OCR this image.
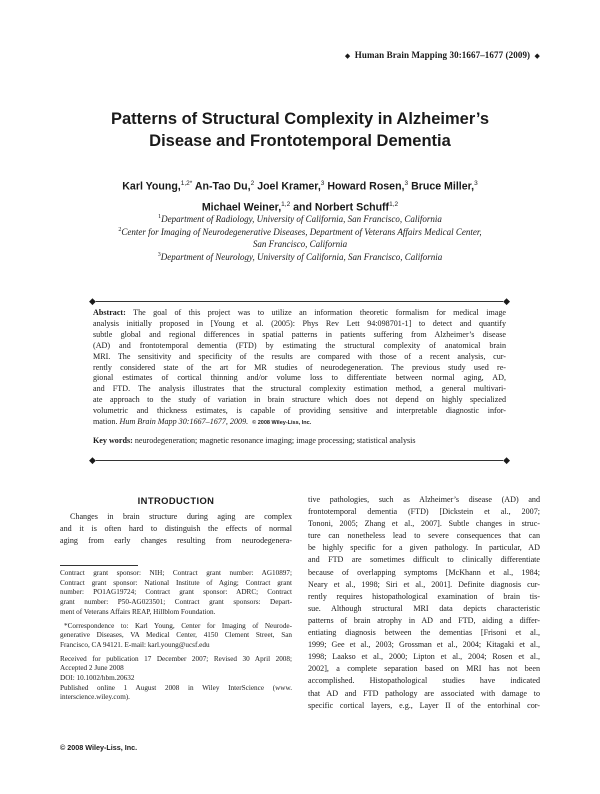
◆ Human Brain Mapping 30:1667–1677 (2009) ◆
Patterns of Structural Complexity in Alzheimer’s
Disease and Frontotemporal Dementia
Karl Young,$^{1,2*}$ An-Tao Du,$^2$ Joel Kramer,$^3$ Howard Rosen,$^3$ Bruce Miller,$^3$
Michael Weiner,$^{1,2}$ and Norbert Schuff$^{1,2}$
$^1$Department of Radiology, University of California, San Francisco, California
$^2$Center for Imaging of Neurodegenerative Diseases, Department of Veterans Affairs Medical Center,
San Francisco, California
$^3$Department of Neurology, University of California, San Francisco, California
◆	◆
Abstract: The goal of this project was to utilize an information theoretic formalism for medical image
analysis initially proposed in [Young et al. (2005): Phys Rev Lett 94:098701-1] to detect and quantify
subtle global and regional differences in spatial patterns in patients suffering from Alzheimer’s disease
(AD) and frontotemporal dementia (FTD) by estimating the structural complexity of anatomical brain
MRI. The sensitivity and specificity of the results are compared with those of a recent analysis, cur-
rently considered state of the art for MR studies of neurodegeneration. The previous study used re-
gional estimates of cortical thinning and/or volume loss to differentiate between normal aging, AD,
and FTD. The analysis illustrates that the structural complexity estimation method, a general multivari-
ate approach to the study of variation in brain structure which does not depend on highly specialized
volumetric and thickness estimates, is capable of providing sensitive and interpretable diagnostic infor-
mation. Hum Brain Mapp 30:1667–1677, 2009. © 2008 Wiley-Liss, Inc.
Key words: neurodegeneration; magnetic resonance imaging; image processing; statistical analysis
◆	◆
INTRODUCTION
Changes in brain structure during aging are complex
and it is often hard to distinguish the effects of normal
aging from early changes resulting from neurodegenera-
tive pathologies, such as Alzheimer’s disease (AD) and
frontotemporal dementia (FTD) [Dickstein et al., 2007;
Tononi, 2005; Zhang et al., 2007]. Subtle changes in struc-
ture can nonetheless lead to severe consequences that can
be highly specific for a given pathology. In particular, AD
and FTD are sometimes difficult to clinically differentiate
because of overlapping symptoms [McKhann et al., 1984;
Neary et al., 1998; Siri et al., 2001]. Definite diagnosis cur-
rently requires histopathological examination of brain tis-
sue. Although structural MRI data depicts characteristic
patterns of brain atrophy in AD and FTD, aiding a differ-
entiating diagnosis between the dementias [Frisoni et al.,
1999; Gee et al., 2003; Grossman et al., 2004; Kitagaki et al.,
1998; Laakso et al., 2000; Lipton et al., 2004; Rosen et al.,
2002], a complete separation based on MRI has not been
accomplished. Histopathological studies have indicated
that AD and FTD pathology are associated with damage to
specific cortical layers, e.g., Layer II of the entorhinal cor-
Contract grant sponsor: NIH; Contract grant number: AG10897;
Contract grant sponsor: National Institute of Aging; Contract grant
number: PO1AG19724; Contract grant sponsor: ADRC; Contract
grant number: P50-AG023501; Contract grant sponsors: Depart-
ment of Veterans Affairs REAP, Hillblom Foundation.
*Correspondence to: Karl Young, Center for Imaging of Neurode-
generative Diseases, VA Medical Center, 4150 Clement Street, San
Francisco, CA 94121. E-mail: karl.young@ucsf.edu
Received for publication 17 December 2007; Revised 30 April 2008;
Accepted 2 June 2008
DOI: 10.1002/hbm.20632
Published online 1 August 2008 in Wiley InterScience (www.
interscience.wiley.com).
© 2008 Wiley-Liss, Inc.
